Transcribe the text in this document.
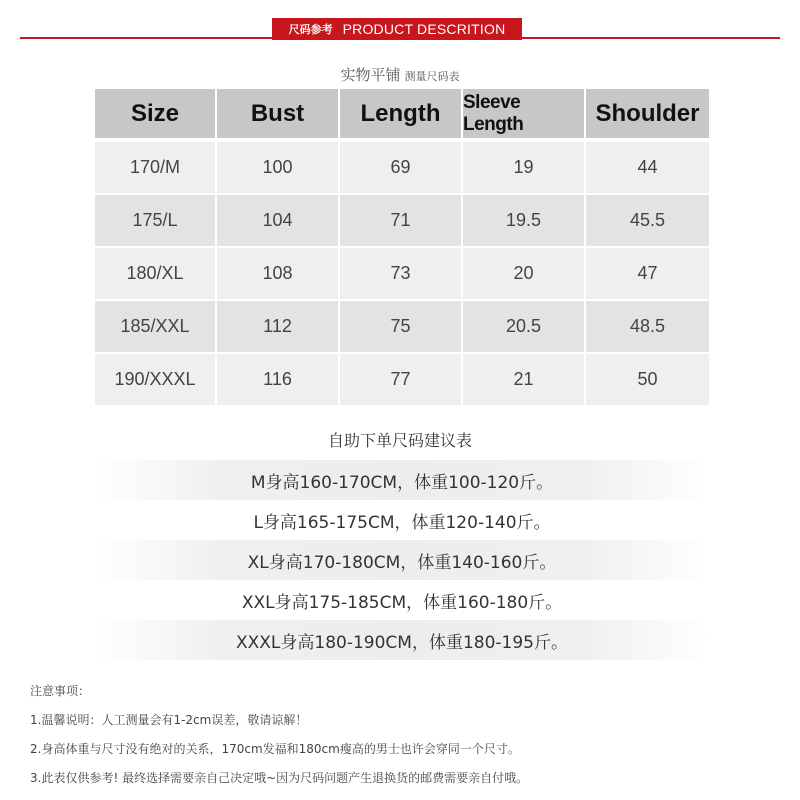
尺码参考 PRODUCT DESCRITION
实物平铺 测量尺码表
Size	Bust	Length	Sleeve Length	Shoulder
170/M	100	69	19	44
175/L	104	71	19.5	45.5
180/XL	108	73	20	47
185/XXL	112	75	20.5	48.5
190/XXXL	116	77	21	50
自助下单尺码建议表
M身高160-170CM，体重100-120斤。
L身高165-175CM，体重120-140斤。
XL身高170-180CM，体重140-160斤。
XXL身高175-185CM，体重160-180斤。
XXXL身高180-190CM，体重180-195斤。
注意事项：
1.温馨说明：人工测量会有1-2cm误差，敬请谅解！
2.身高体重与尺寸没有绝对的关系，170cm发福和180cm瘦高的男士也许会穿同一个尺寸。
3.此表仅供参考! 最终选择需要亲自己决定哦~因为尺码问题产生退换货的邮费需要亲自付哦。
